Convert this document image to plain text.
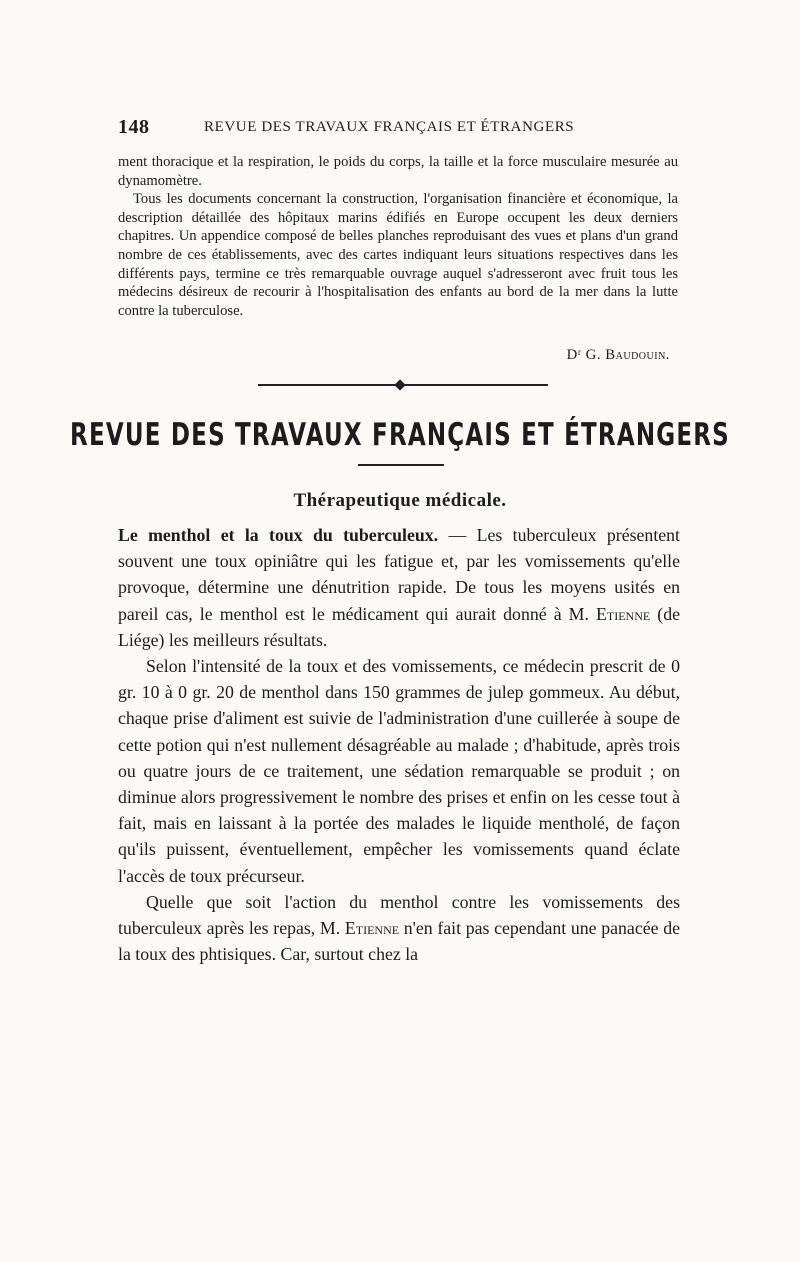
148	REVUE DES TRAVAUX FRANÇAIS ET ÉTRANGERS

ment thoracique et la respiration, le poids du corps, la taille et la force musculaire mesurée au dynamomètre.

Tous les documents concernant la construction, l'organisation financière et économique, la description détaillée des hôpitaux marins édifiés en Europe occupent les deux derniers chapitres. Un appendice composé de belles planches reproduisant des vues et plans d'un grand nombre de ces établissements, avec des cartes indiquant leurs situations respectives dans les différents pays, termine ce très remarquable ouvrage auquel s'adresseront avec fruit tous les médecins désireux de recourir à l'hospitalisation des enfants au bord de la mer dans la lutte contre la tuberculose.

Dʳ G. Baudouin.
REVUE DES TRAVAUX FRANÇAIS ET ÉTRANGERS
Thérapeutique médicale.

Le menthol et la toux du tuberculeux. — Les tuberculeux présentent souvent une toux opiniâtre qui les fatigue et, par les vomissements qu'elle provoque, détermine une dénutrition rapide. De tous les moyens usités en pareil cas, le menthol est le médicament qui aurait donné à M. Etienne (de Liége) les meilleurs résultats.

Selon l'intensité de la toux et des vomissements, ce médecin prescrit de 0 gr. 10 à 0 gr. 20 de menthol dans 150 grammes de julep gommeux. Au début, chaque prise d'aliment est suivie de l'administration d'une cuillerée à soupe de cette potion qui n'est nullement désagréable au malade ; d'habitude, après trois ou quatre jours de ce traitement, une sédation remarquable se produit ; on diminue alors progressivement le nombre des prises et enfin on les cesse tout à fait, mais en laissant à la portée des malades le liquide mentholé, de façon qu'ils puissent, éventuellement, empêcher les vomissements quand éclate l'accès de toux précurseur.

Quelle que soit l'action du menthol contre les vomissements des tuberculeux après les repas, M. Etienne n'en fait pas cependant une panacée de la toux des phtisiques. Car, surtout chez la
